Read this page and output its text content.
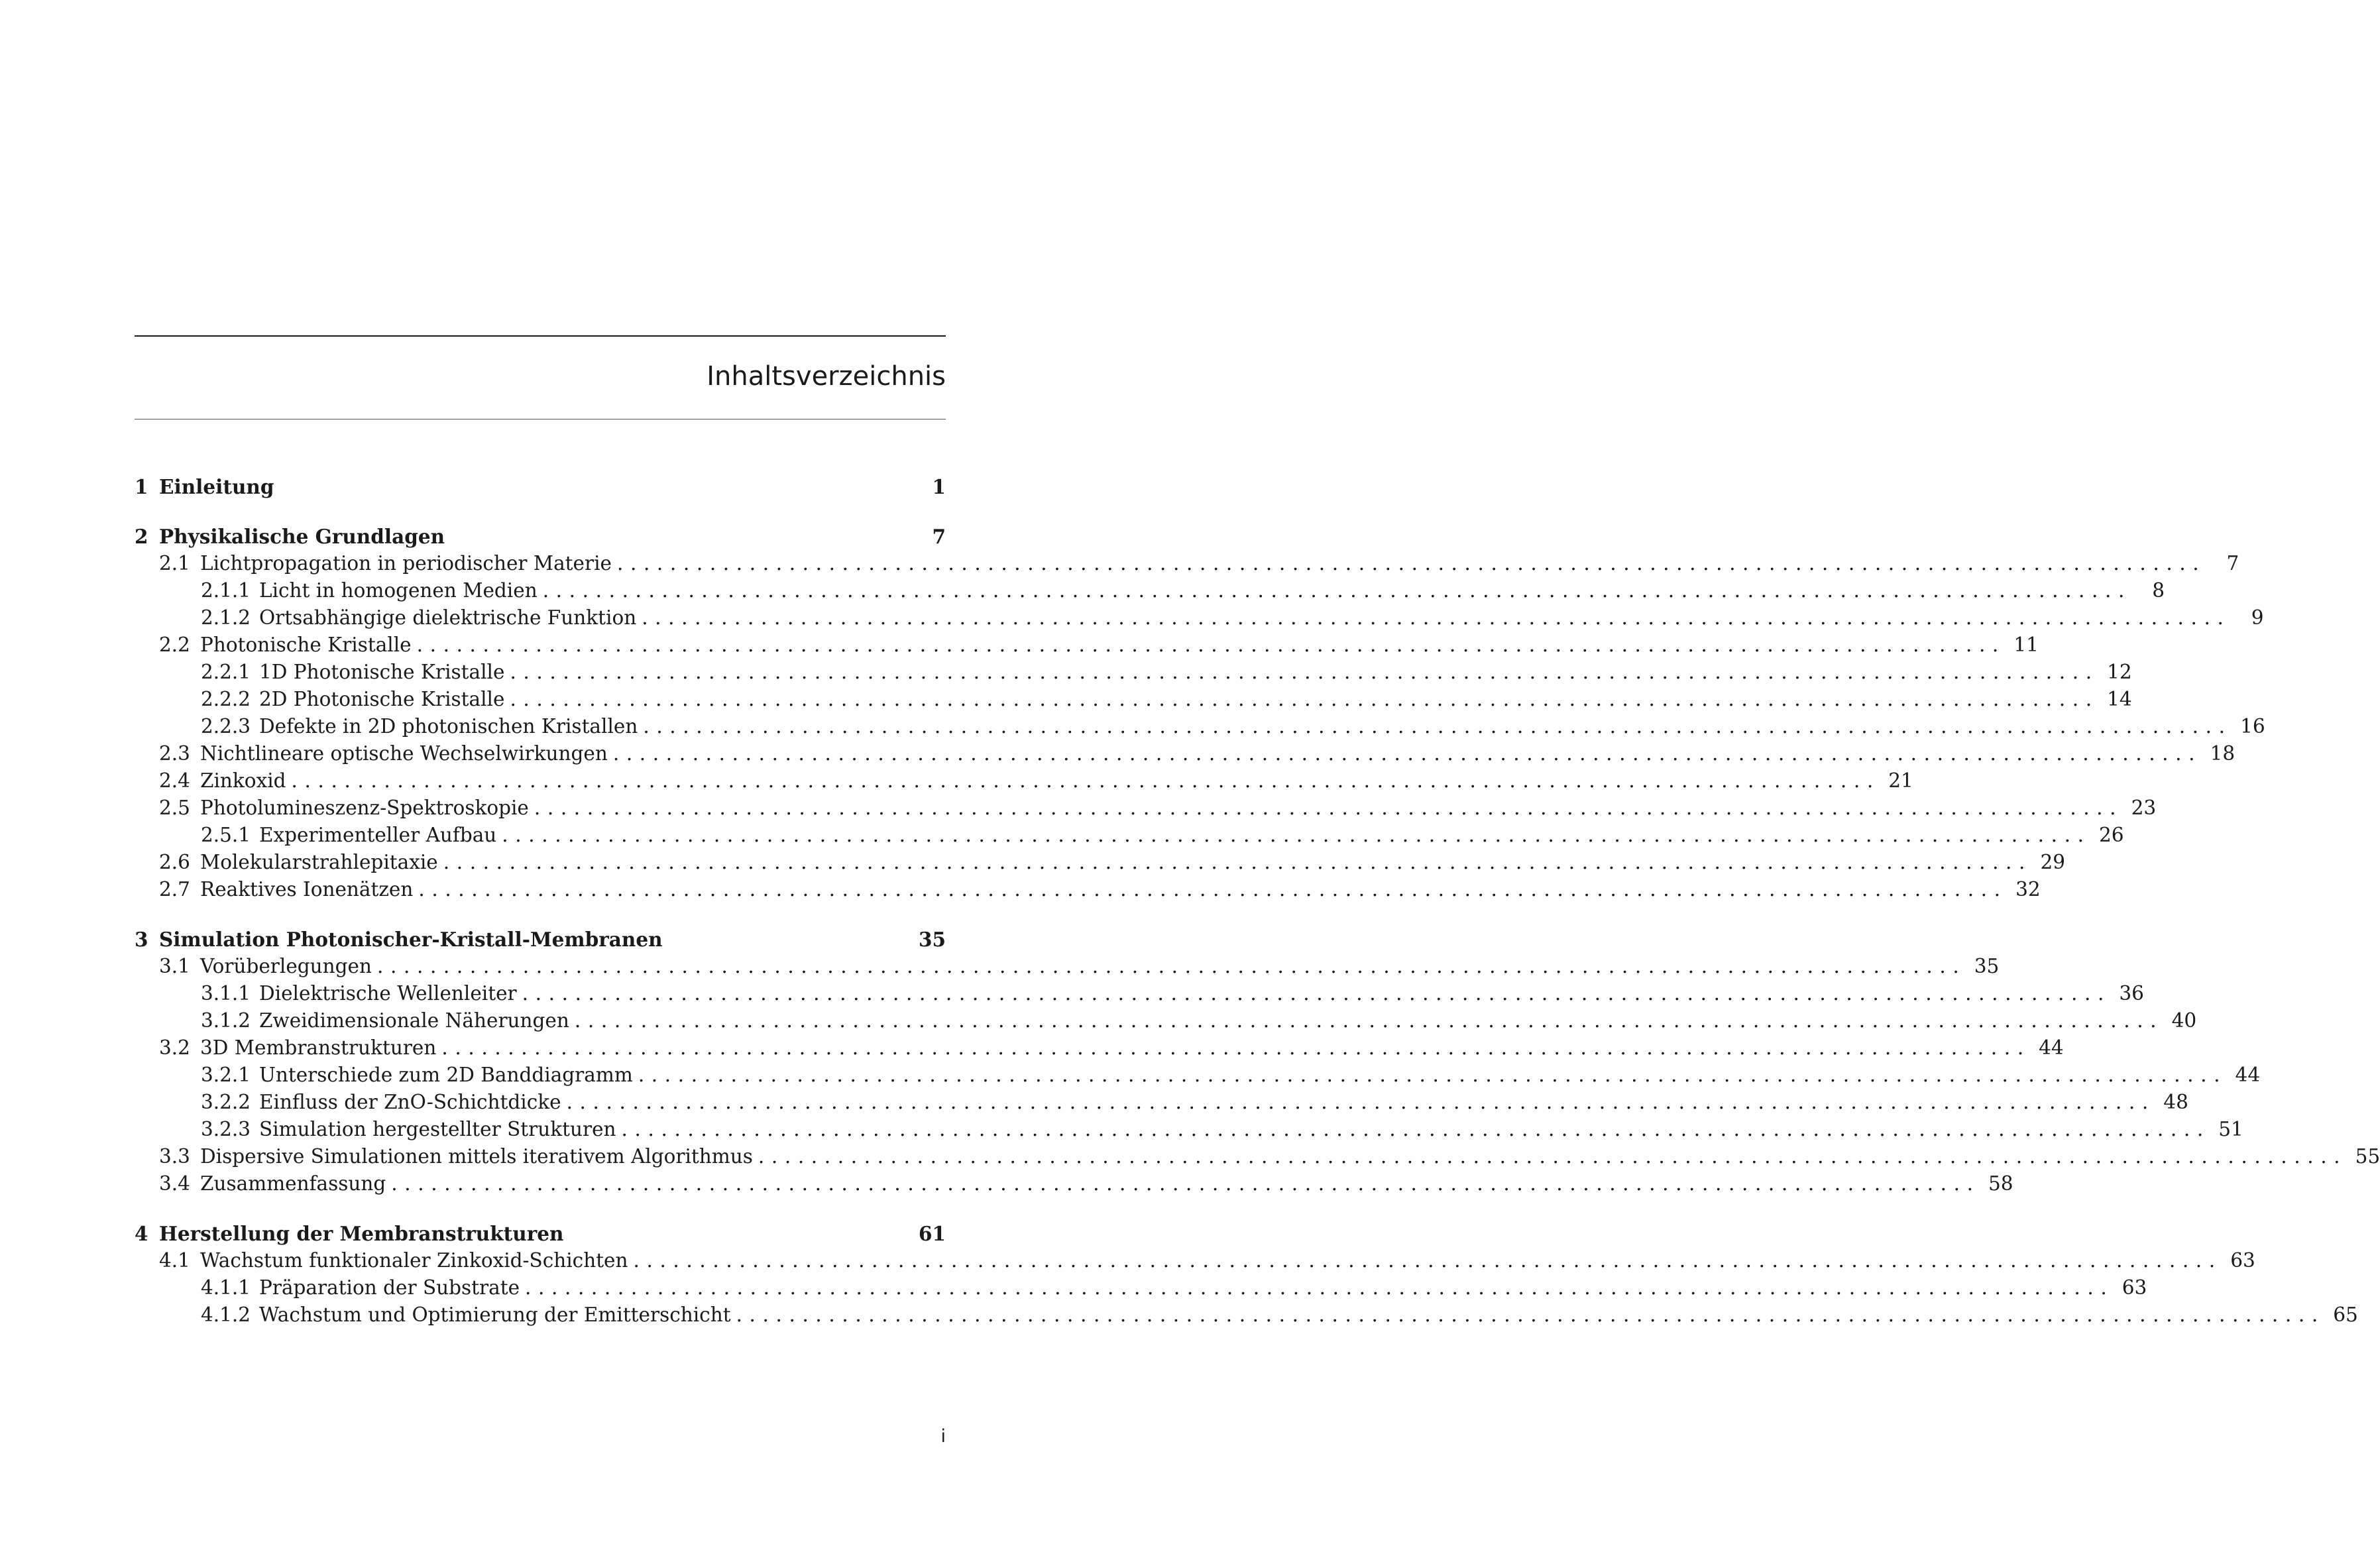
Inhaltsverzeichnis
1 Einleitung	1
2 Physikalische Grundlagen	7
2.1 Lichtpropagation in periodischer Materie ........................................................................................................................	7
2.1.1 Licht in homogenen Medien ........................................................................................................................	8
2.1.2 Ortsabhängige dielektrische Funktion ........................................................................................................................	9
2.2 Photonische Kristalle ........................................................................................................................ 11
2.2.1 1D Photonische Kristalle ........................................................................................................................ 12
2.2.2 2D Photonische Kristalle ........................................................................................................................ 14
2.2.3 Defekte in 2D photonischen Kristallen ........................................................................................................................ 16
2.3 Nichtlineare optische Wechselwirkungen ........................................................................................................................ 18
2.4 Zinkoxid ........................................................................................................................ 21
2.5 Photolumineszenz-Spektroskopie ........................................................................................................................ 23
2.5.1 Experimenteller Aufbau ........................................................................................................................ 26
2.6 Molekularstrahlepitaxie ........................................................................................................................ 29
2.7 Reaktives Ionenätzen ........................................................................................................................ 32
3 Simulation Photonischer-Kristall-Membranen	35
3.1 Vorüberlegungen ........................................................................................................................ 35
3.1.1 Dielektrische Wellenleiter ........................................................................................................................ 36
3.1.2 Zweidimensionale Näherungen ........................................................................................................................ 40
3.2 3D Membranstrukturen ........................................................................................................................ 44
3.2.1 Unterschiede zum 2D Banddiagramm ........................................................................................................................ 44
3.2.2 Einfluss der ZnO-Schichtdicke ........................................................................................................................ 48
3.2.3 Simulation hergestellter Strukturen ........................................................................................................................ 51
3.3 Dispersive Simulationen mittels iterativem Algorithmus ........................................................................................................................ 55
3.4 Zusammenfassung ........................................................................................................................ 58
4 Herstellung der Membranstrukturen	61
4.1 Wachstum funktionaler Zinkoxid-Schichten ........................................................................................................................ 63
4.1.1 Präparation der Substrate ........................................................................................................................ 63
4.1.2 Wachstum und Optimierung der Emitterschicht ........................................................................................................................ 65

i
